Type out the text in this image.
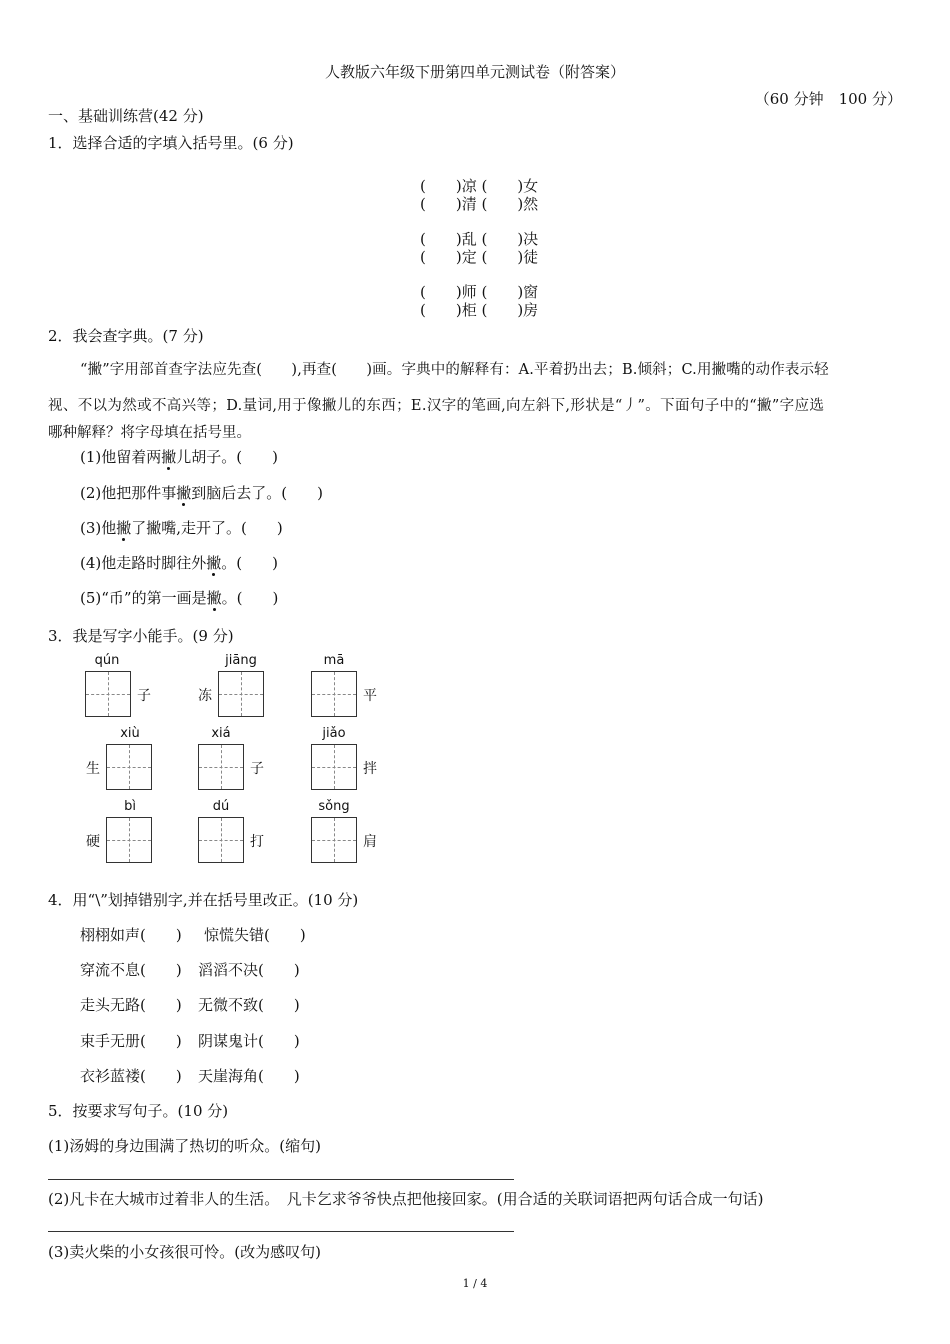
人教版六年级下册第四单元测试卷（附答案）
（60 分钟　100 分）
一、基础训练营(42 分)
1．选择合适的字填入括号里。(6 分)
(　　)凉 (　　)女
(　　)清 (　　)然
(　　)乱 (　　)决
(　　)定 (　　)徒
(　　)师 (　　)窗
(　　)柜 (　　)房
2．我会查字典。(7 分)
“撇”字用部首查字法应先查(　　),再查(　　)画。字典中的解释有：A.平着扔出去；B.倾斜；C.用撇嘴的动作表示轻
视、不以为然或不高兴等；D.量词,用于像撇儿的东西；E.汉字的笔画,向左斜下,形状是“丿”。下面句子中的“撇”字应选
哪种解释？将字母填在括号里。
(1)他留着两撇儿胡子。(　　)
(2)他把那件事撇到脑后去了。(　　)
(3)他撇了撇嘴,走开了。(　　)
(4)他走路时脚往外撇。(　　)
(5)“币”的第一画是撇。(　　)
3．我是写字小能手。(9 分)
qún
子
jiāng
冻
mā
平
xiù
生
xiá
子
jiǎo
拌
bì
硬
dú
打
sǒng
肩
4．用“\”划掉错别字,并在括号里改正。(10 分)
栩栩如声(　　) 惊慌失错(　　)
穿流不息(　　) 滔滔不决(　　)
走头无路(　　) 无微不致(　　)
束手无册(　　) 阴谋鬼计(　　)
衣衫蓝褛(　　) 天崖海角(　　)
5．按要求写句子。(10 分)
(1)汤姆的身边围满了热切的听众。(缩句)
(2)凡卡在大城市过着非人的生活。　凡卡乞求爷爷快点把他接回家。(用合适的关联词语把两句话合成一句话)
(3)卖火柴的小女孩很可怜。(改为感叹句)
1 / 4
